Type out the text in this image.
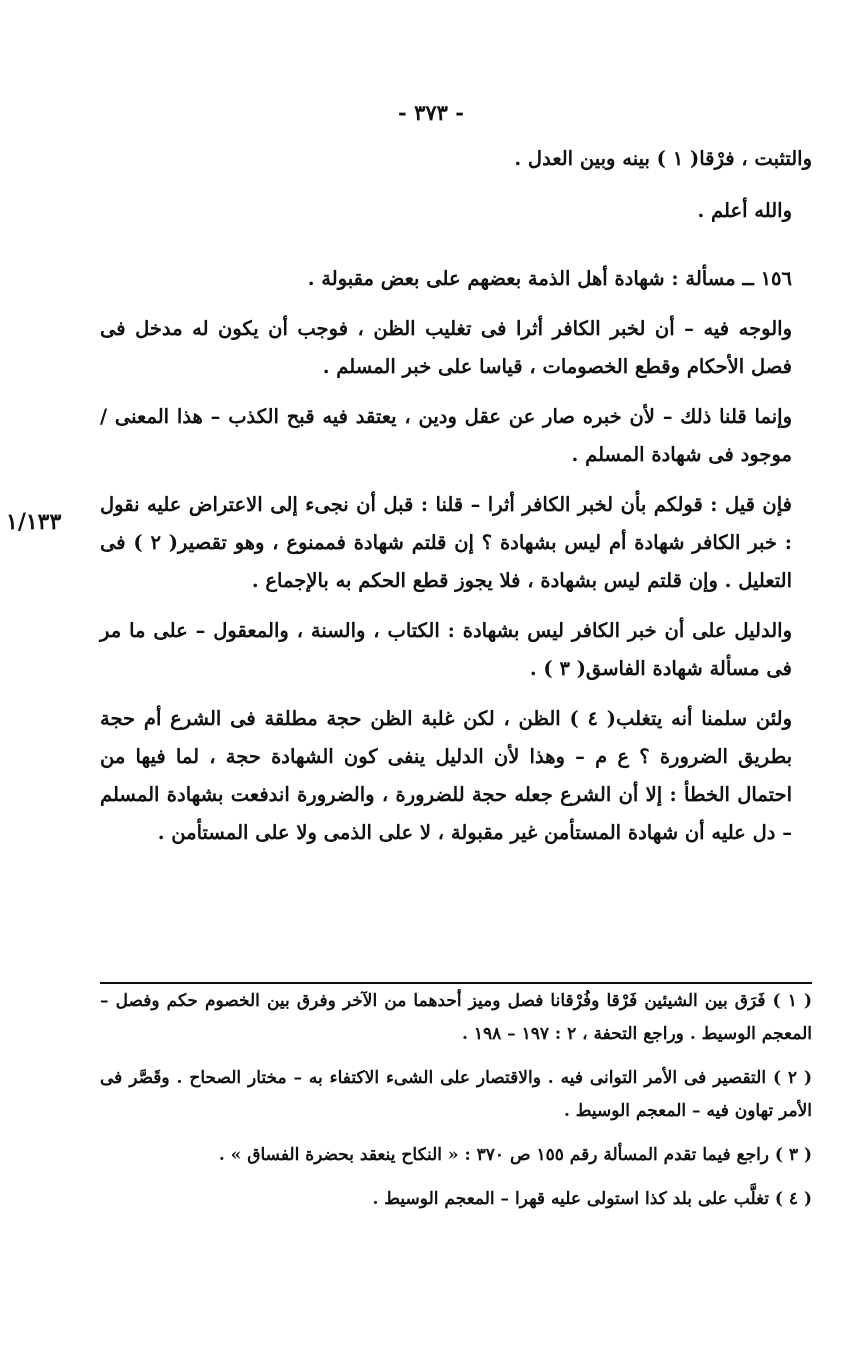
- ٣٧٣ -
١/١٣٣

والتثبت ، فرْقا( ١ ) بينه وبين العدل .

والله أعلم .

١٥٦ ــ مسألة : شهادة أهل الذمة بعضهم على بعض مقبولة .

والوجه فيه – أن لخبر الكافر أثرا فى تغليب الظن ، فوجب أن يكون له مدخل فى فصل الأحكام وقطع الخصومات ، قياسا على خبر المسلم .

وإنما قلنا ذلك – لأن خبره صار عن عقل ودين ، يعتقد فيه قبح الكذب – هذا المعنى / موجود فى شهادة المسلم .

فإن قيل : قولكم بأن لخبر الكافر أثرا – قلنا : قبل أن نجىء إلى الاعتراض عليه نقول : خبر الكافر شهادة أم ليس بشهادة ؟ إن قلتم شهادة فممنوع ، وهو تقصير( ٢ ) فى التعليل . وإن قلتم ليس بشهادة ، فلا يجوز قطع الحكم به بالإجماع .

والدليل على أن خبر الكافر ليس بشهادة : الكتاب ، والسنة ، والمعقول – على ما مر فى مسألة شهادة الفاسق( ٣ ) .

ولئن سلمنا أنه يتغلب( ٤ ) الظن ، لكن غلبة الظن حجة مطلقة فى الشرع أم حجة بطريق الضرورة ؟ ع م – وهذا لأن الدليل ينفى كون الشهادة حجة ، لما فيها من احتمال الخطأ : إلا أن الشرع جعله حجة للضرورة ، والضرورة اندفعت بشهادة المسلم – دل عليه أن شهادة المستأمن غير مقبولة ، لا على الذمى ولا على المستأمن .

( ١ ) فَرَق بين الشيئين فَرْقا وفُرْقانا فصل وميز أحدهما من الآخر وفرق بين الخصوم حكم وفصل – المعجم الوسيط . وراجع التحفة ، ٢ : ١٩٧ – ١٩٨ .

( ٢ ) التقصير فى الأمر التوانى فيه . والاقتصار على الشىء الاكتفاء به – مختار الصحاح . وقَصَّر فى الأمر تهاون فيه – المعجم الوسيط .

( ٣ ) راجع فيما تقدم المسألة رقم ١٥٥ ص ٣٧٠ : « النكاح ينعقد بحضرة الفساق » .

( ٤ ) تغلَّب على بلد كذا استولى عليه قهرا – المعجم الوسيط .
